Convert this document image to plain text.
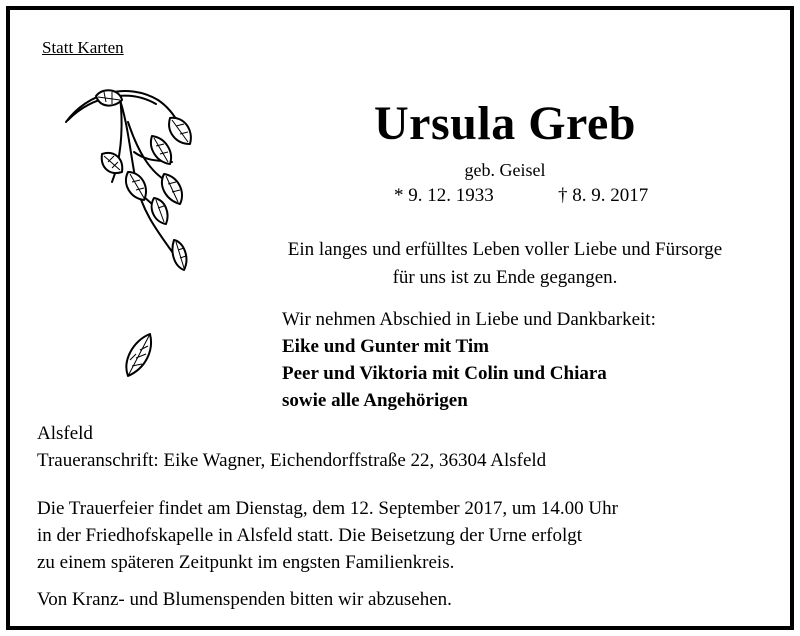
Statt Karten
Ursula Greb
geb. Geisel
* 9. 12. 1933	† 8. 9. 2017
Ein langes und erfülltes Leben voller Liebe und Fürsorge
für uns ist zu Ende gegangen.
Wir nehmen Abschied in Liebe und Dankbarkeit:
Eike und Gunter mit Tim
Peer und Viktoria mit Colin und Chiara
sowie alle Angehörigen
Alsfeld
Traueranschrift: Eike Wagner, Eichendorffstraße 22, 36304 Alsfeld
Die Trauerfeier findet am Dienstag, dem 12. September 2017, um 14.00 Uhr
in der Friedhofskapelle in Alsfeld statt. Die Beisetzung der Urne erfolgt
zu einem späteren Zeitpunkt im engsten Familienkreis.
Von Kranz- und Blumenspenden bitten wir abzusehen.
